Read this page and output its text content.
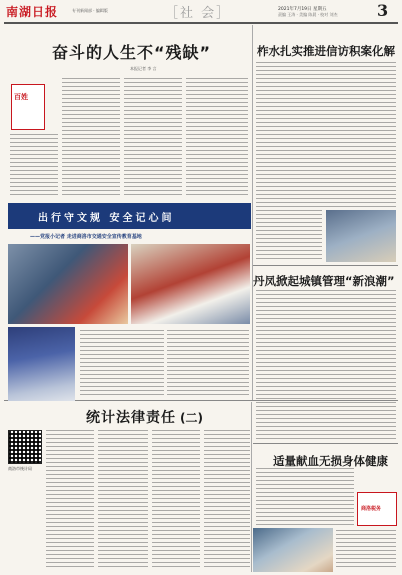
南湖日报	专刊新闻部 · 编辑版	［社 会］	2021年7月19日 星期五
责编 王涛 · 美编 陈晨 · 校对 刘杰 3
奋斗的人生不“残缺”
本报记者 李 言
百姓
出行守文规 安全记心间
——党报小记者 走进商洛市交通安全宣传教育基地
柞水扎实推进信访积案化解
丹凤掀起城镇管理“新浪潮”
适量献血无损身体健康
商洛税务
统计法律责任 (二)
商洛市统计局
